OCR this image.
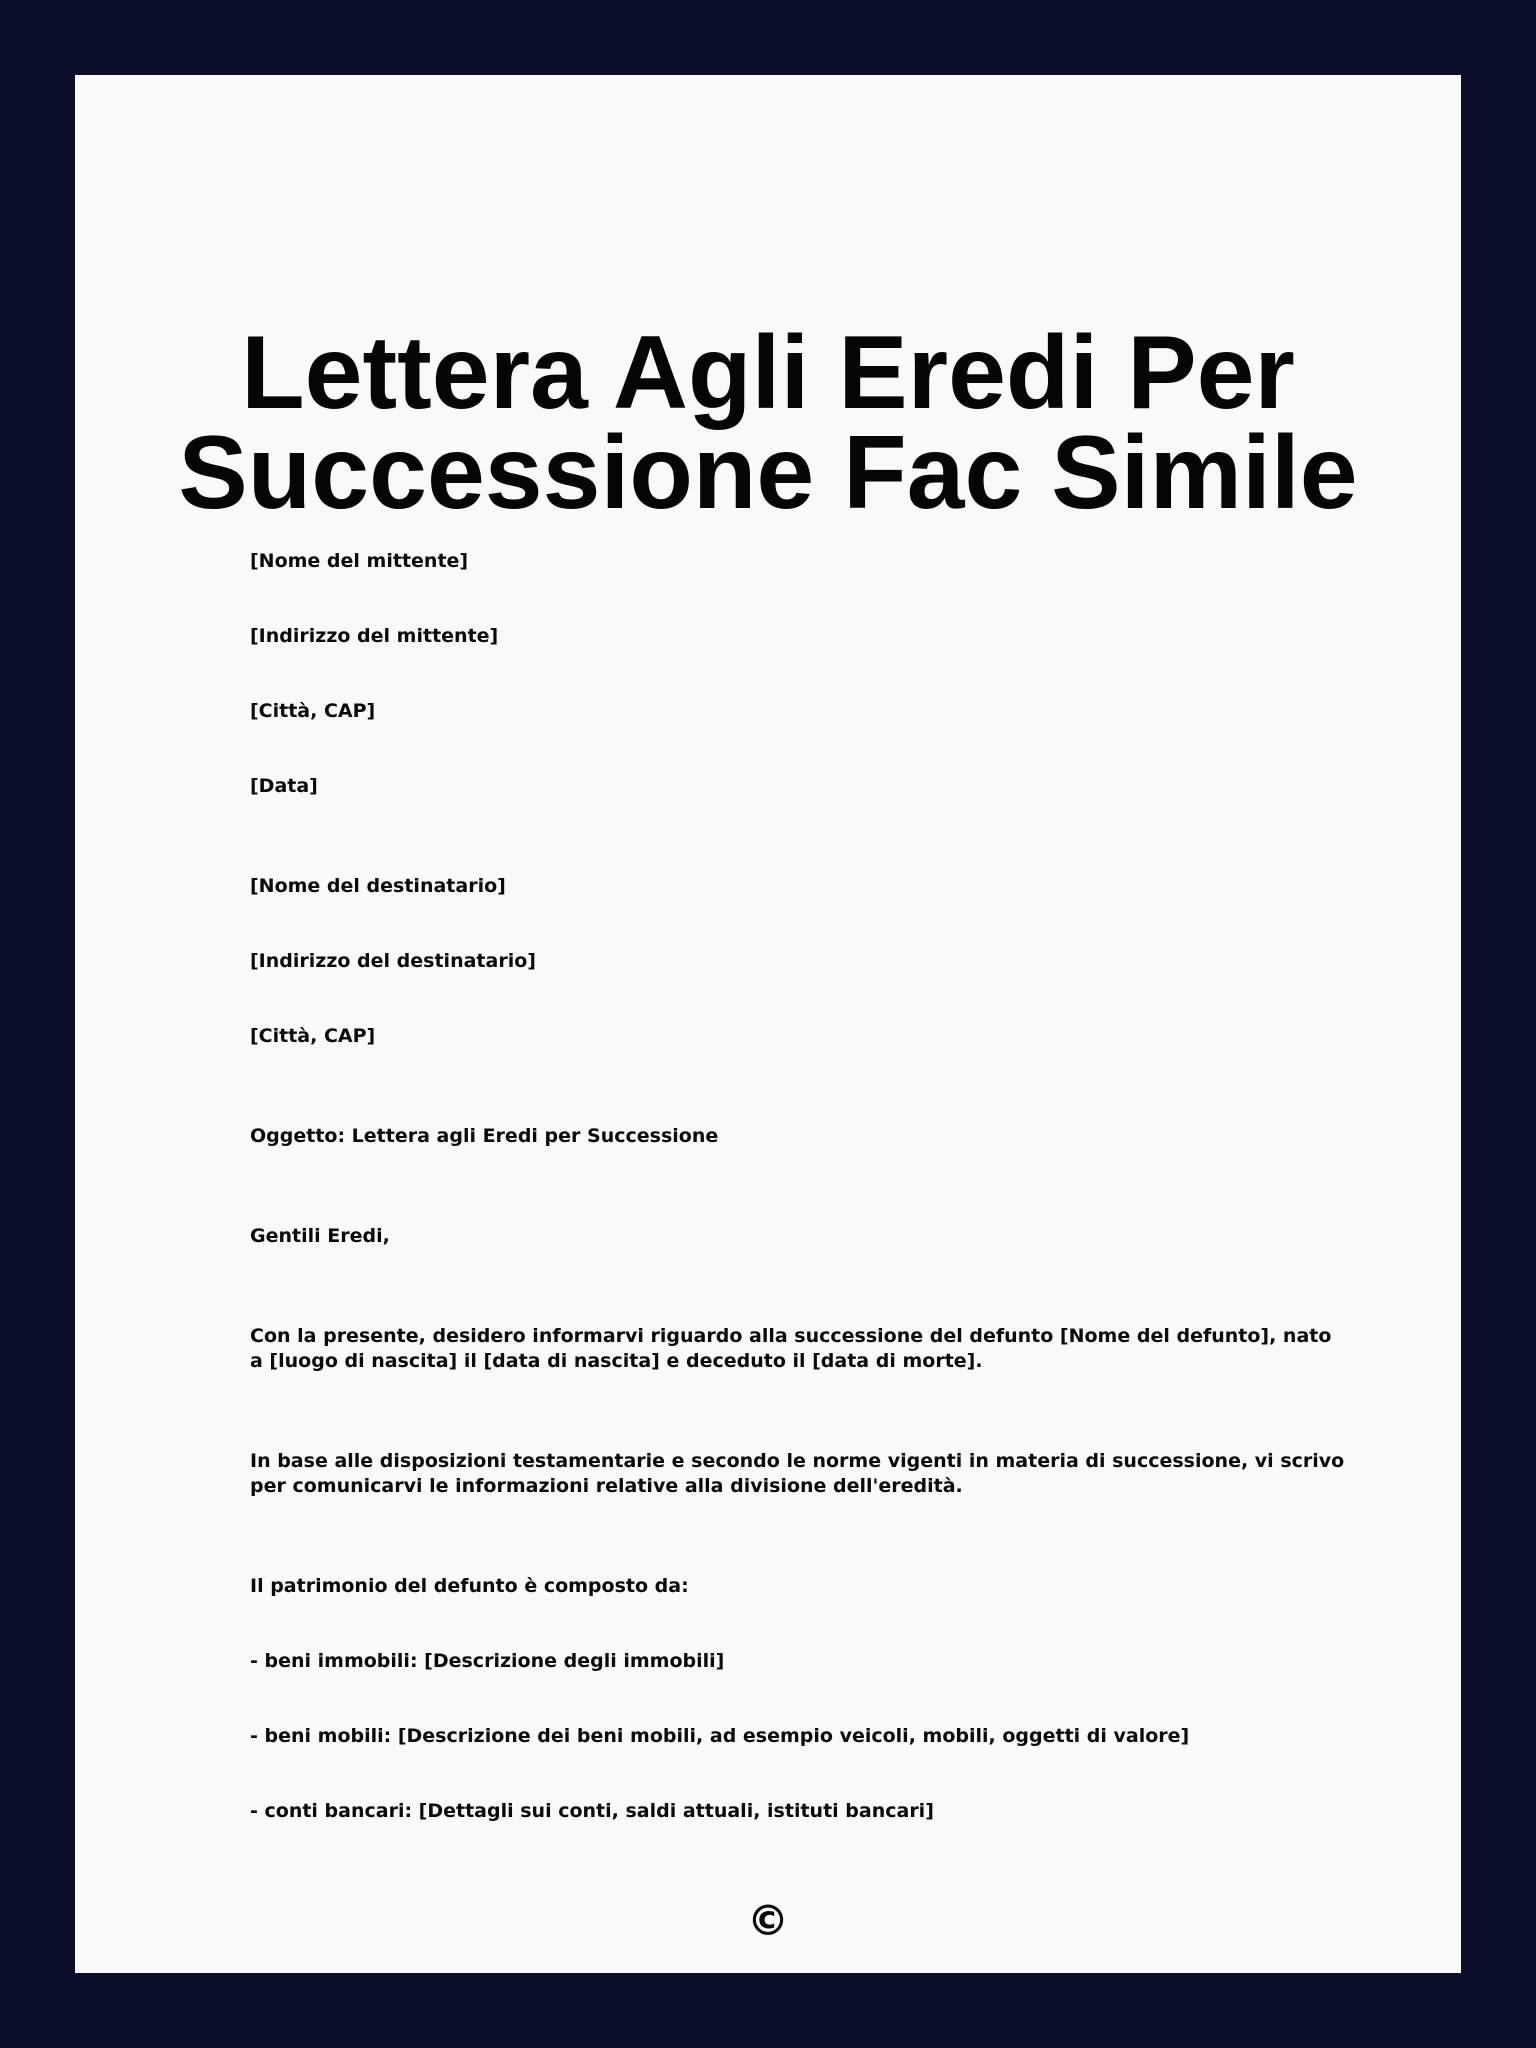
Lettera Agli Eredi Per
Successione Fac Simile

[Nome del mittente]

[Indirizzo del mittente]

[Città, CAP]

[Data]

[Nome del destinatario]

[Indirizzo del destinatario]

[Città, CAP]

Oggetto: Lettera agli Eredi per Successione

Gentili Eredi,

Con la presente, desidero informarvi riguardo alla successione del defunto [Nome del defunto], nato a [luogo di nascita] il [data di nascita] e deceduto il [data di morte].

In base alle disposizioni testamentarie e secondo le norme vigenti in materia di successione, vi scrivo per comunicarvi le informazioni relative alla divisione dell'eredità.

Il patrimonio del defunto è composto da:

- beni immobili: [Descrizione degli immobili]

- beni mobili: [Descrizione dei beni mobili, ad esempio veicoli, mobili, oggetti di valore]

- conti bancari: [Dettagli sui conti, saldi attuali, istituti bancari]

©
